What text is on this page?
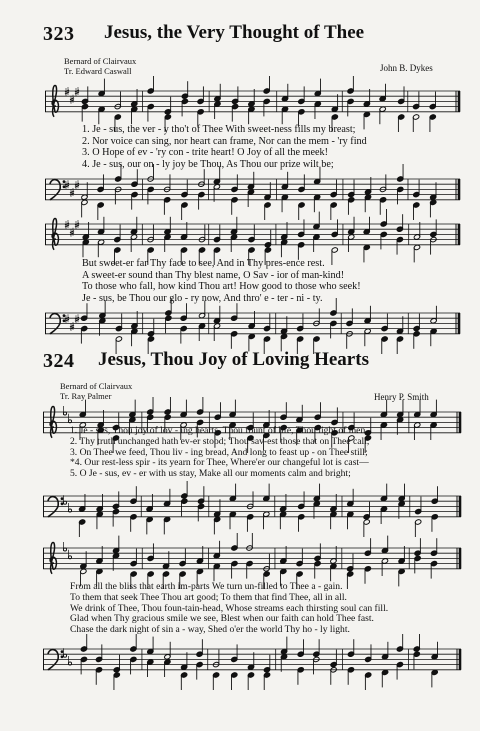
323 Jesus, the Very Thought of Thee
Bernard of Clairvaux
Tr. Edward Caswall	John B. Dykes
1. Je - sus, the ver - y tho't of Thee With sweet-ness fills my breast;
2. Nor voice can sing, nor heart can frame, Nor can the mem - 'ry find
3. O Hope of ev - 'ry con - trite heart! O Joy of all the meek!
4. Je - sus, our on - ly joy be Thou, As Thou our prize wilt be;
But sweet-er far Thy face to see, And in Thy pres-ence rest.
A sweet-er sound than Thy blest name, O Sav - ior of man-kind!
To those who fall, how kind Thou art! How good to those who seek!
Je - sus, be Thou our glo - ry now, And thro' e - ter - ni - ty.
324 Jesus, Thou Joy of Loving Hearts
Bernard of Clairvaux
Tr. Ray Palmer	Henry P. Smith
1. Je - sus, Thou joy of lov - ing hearts, Thou fount of life, Thou light of men,
2. Thy truth unchanged hath ev-er stood; Thou sav-est those that on Thee call;
3. On Thee we feed, Thou liv - ing bread, And long to feast up - on Thee still;
*4. Our rest-less spir - its yearn for Thee, Where'er our changeful lot is cast—
5. O Je - sus, ev - er with us stay, Make all our moments calm and bright;
From all the bliss that earth im-parts We turn un-filled to Thee a - gain.
To them that seek Thee Thou art good; To them that find Thee, all in all.
We drink of Thee, Thou foun-tain-head, Whose streams each thirsting soul can fill.
Glad when Thy gracious smile we see, Blest when our faith can hold Thee fast.
Chase the dark night of sin a - way, Shed o'er the world Thy ho - ly light.
